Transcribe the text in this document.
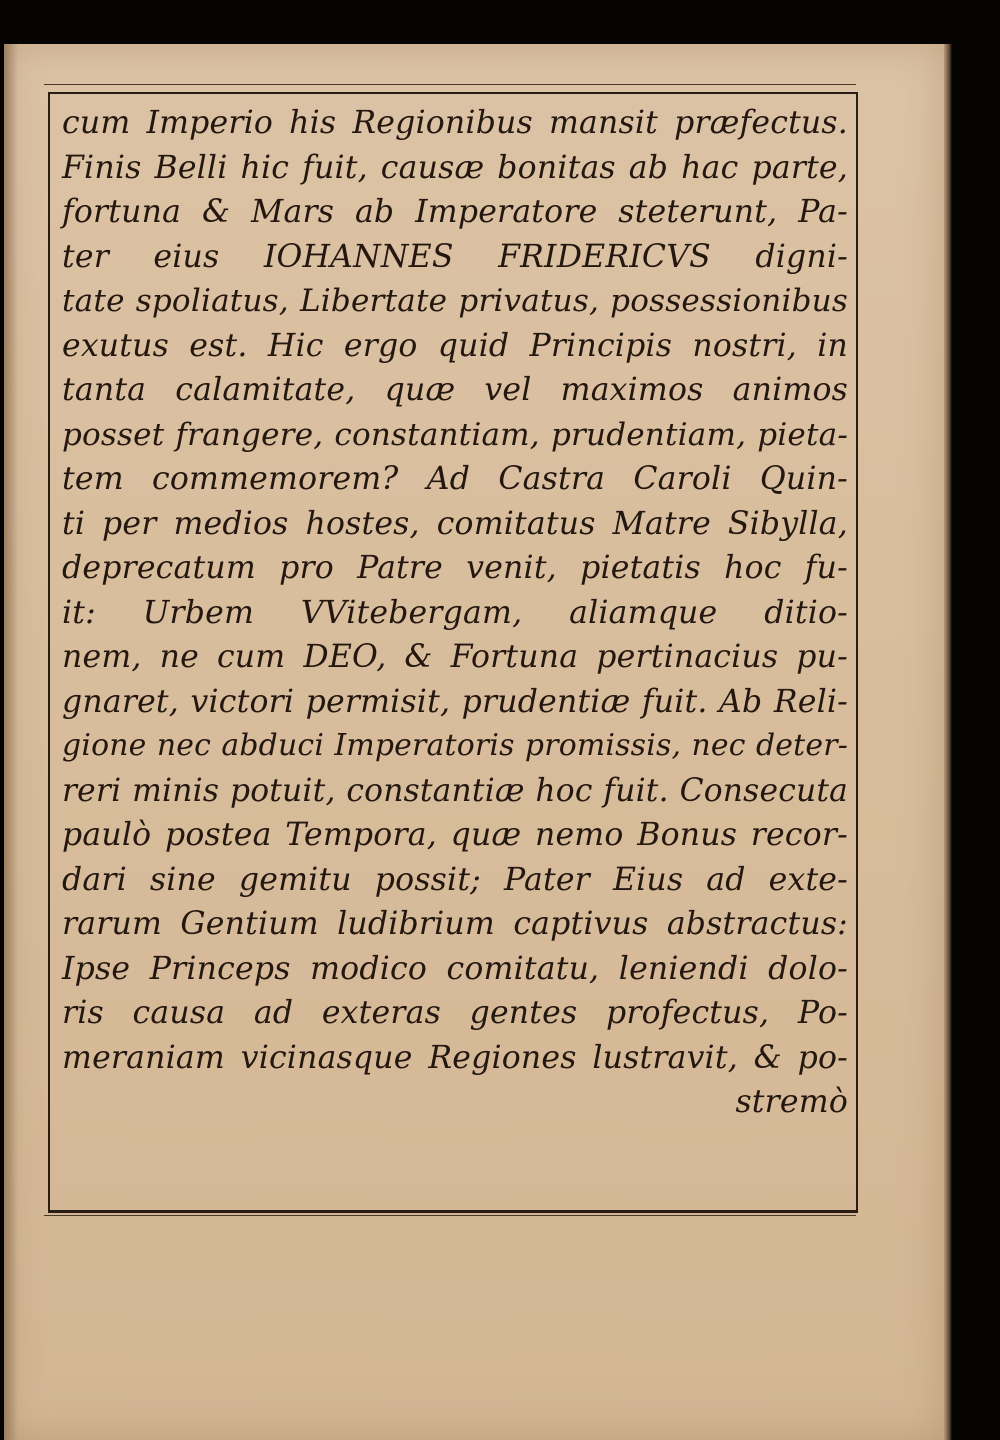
cum Imperio his Regionibus mansit præfectus.
Finis Belli hic fuit, causæ bonitas ab hac parte,
fortuna & Mars ab Imperatore steterunt, Pa-
ter eius IOHANNES FRIDERICVS digni-
tate spoliatus, Libertate privatus, possessionibus
exutus est. Hic ergo quid Principis nostri, in
tanta calamitate, quæ vel maximos animos
posset frangere, constantiam, prudentiam, pieta-
tem commemorem? Ad Castra Caroli Quin-
ti per medios hostes, comitatus Matre Sibylla,
deprecatum pro Patre venit, pietatis hoc fu-
it: Urbem VVitebergam, aliamque ditio-
nem, ne cum DEO, & Fortuna pertinacius pu-
gnaret, victori permisit, prudentiæ fuit. Ab Reli-
gione nec abduci Imperatoris promissis, nec deter-
reri minis potuit, constantiæ hoc fuit. Consecuta
paulò postea Tempora, quæ nemo Bonus recor-
dari sine gemitu possit; Pater Eius ad exte-
rarum Gentium ludibrium captivus abstractus:
Ipse Princeps modico comitatu, leniendi dolo-
ris causa ad exteras gentes profectus, Po-
meraniam vicinasque Regiones lustravit, & po-
stremò
